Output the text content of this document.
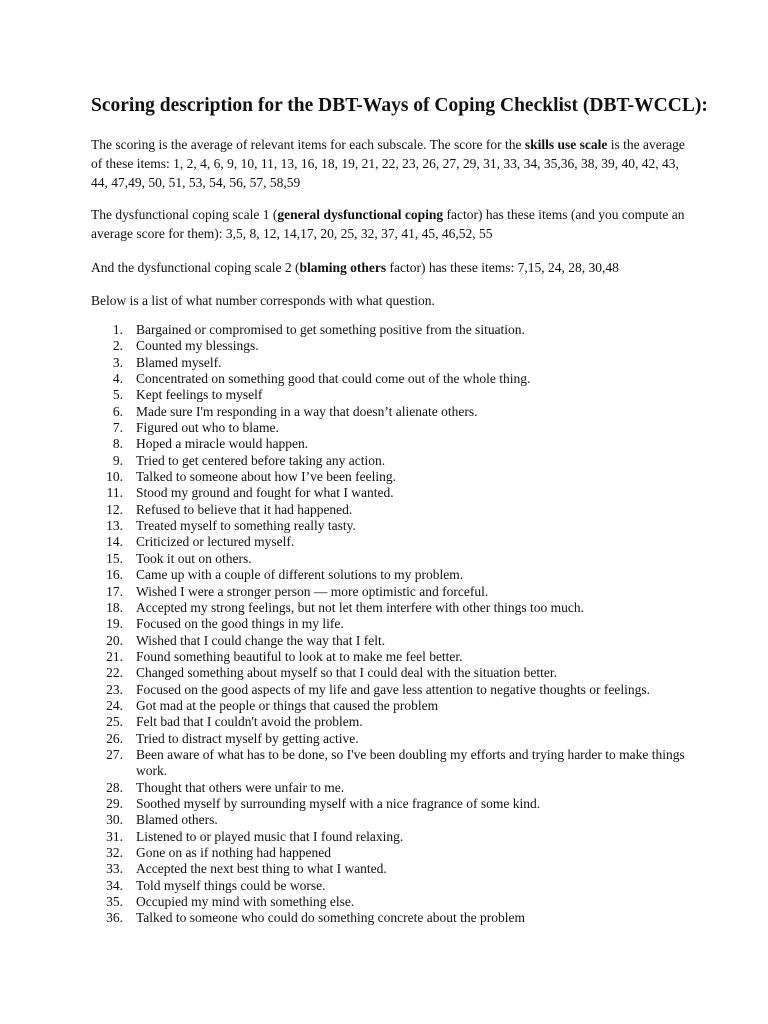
Scoring description for the DBT-Ways of Coping Checklist (DBT-WCCL):

The scoring is the average of relevant items for each subscale. The score for the skills use scale is the average of these items: 1, 2, 4, 6, 9, 10, 11, 13, 16, 18, 19, 21, 22, 23, 26, 27, 29, 31, 33, 34, 35,36, 38, 39, 40, 42, 43, 44, 47,49, 50, 51, 53, 54, 56, 57, 58,59

The dysfunctional coping scale 1 (general dysfunctional coping factor) has these items (and you compute an average score for them): 3,5, 8, 12, 14,17, 20, 25, 32, 37, 41, 45, 46,52, 55

And the dysfunctional coping scale 2 (blaming others factor) has these items: 7,15, 24, 28, 30,48

Below is a list of what number corresponds with what question.

1. Bargained or compromised to get something positive from the situation.
2. Counted my blessings.
3. Blamed myself.
4. Concentrated on something good that could come out of the whole thing.
5. Kept feelings to myself
6. Made sure I'm responding in a way that doesn’t alienate others.
7. Figured out who to blame.
8. Hoped a miracle would happen.
9. Tried to get centered before taking any action.
10. Talked to someone about how I’ve been feeling.
11. Stood my ground and fought for what I wanted.
12. Refused to believe that it had happened.
13. Treated myself to something really tasty.
14. Criticized or lectured myself.
15. Took it out on others.
16. Came up with a couple of different solutions to my problem.
17. Wished I were a stronger person — more optimistic and forceful.
18. Accepted my strong feelings, but not let them interfere with other things too much.
19. Focused on the good things in my life.
20. Wished that I could change the way that I felt.
21. Found something beautiful to look at to make me feel better.
22. Changed something about myself so that I could deal with the situation better.
23. Focused on the good aspects of my life and gave less attention to negative thoughts or feelings.
24. Got mad at the people or things that caused the problem
25. Felt bad that I couldn't avoid the problem.
26. Tried to distract myself by getting active.
27. Been aware of what has to be done, so I've been doubling my efforts and trying harder to make things work.
28. Thought that others were unfair to me.
29. Soothed myself by surrounding myself with a nice fragrance of some kind.
30. Blamed others.
31. Listened to or played music that I found relaxing.
32. Gone on as if nothing had happened
33. Accepted the next best thing to what I wanted.
34. Told myself things could be worse.
35. Occupied my mind with something else.
36. Talked to someone who could do something concrete about the problem
